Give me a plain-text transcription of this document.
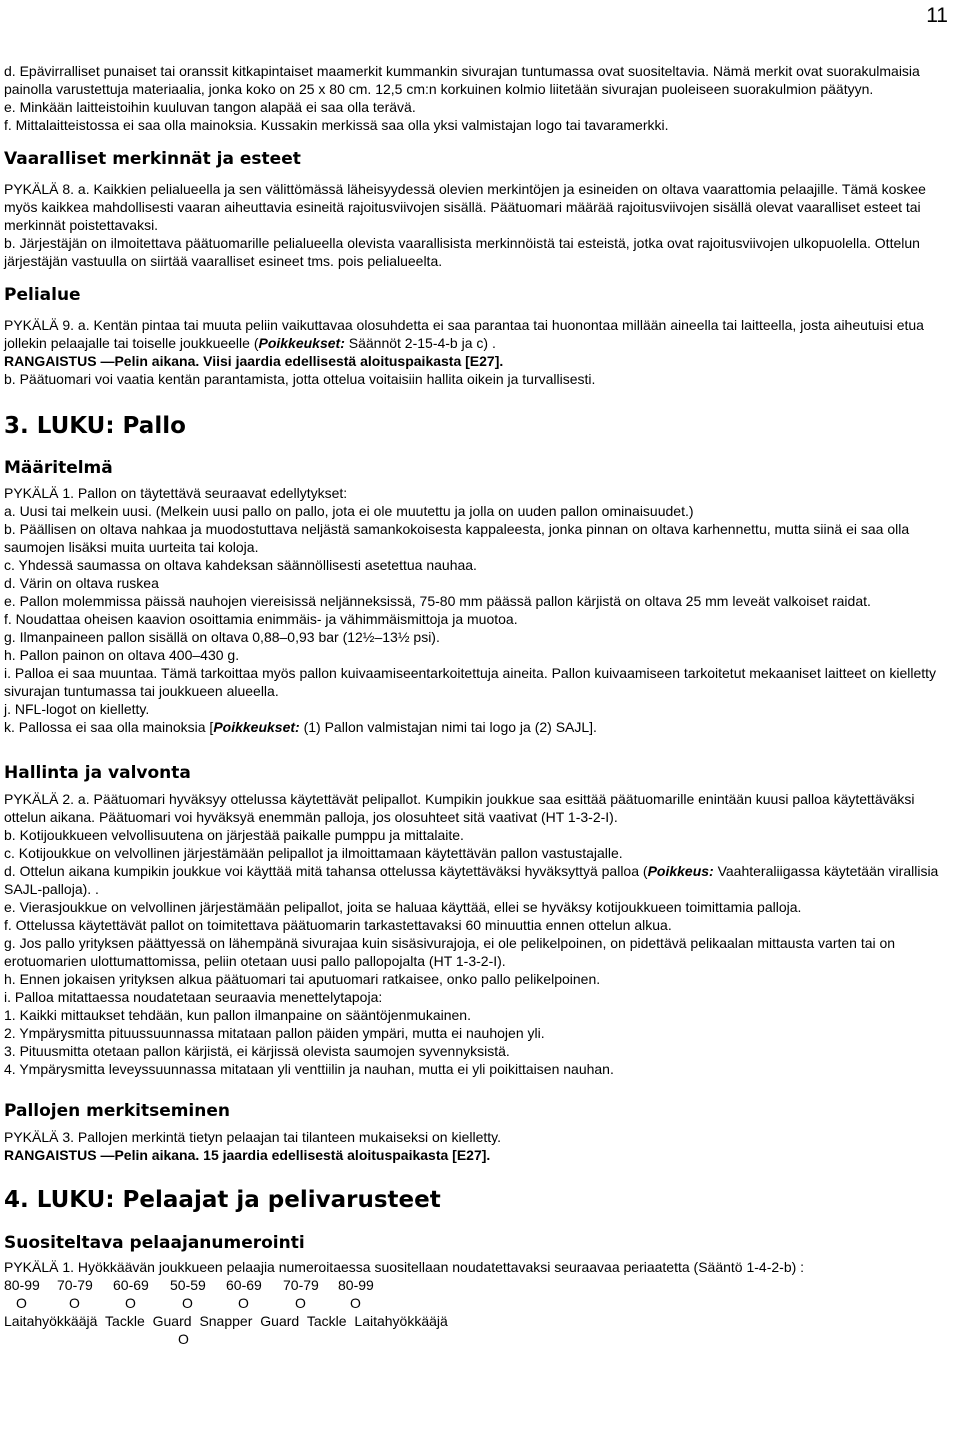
11

d. Epävirralliset punaiset tai oranssit kitkapintaiset maamerkit kummankin sivurajan tuntumassa ovat suositeltavia. Nämä merkit ovat suorakulmaisia painolla varustettuja materiaalia, jonka koko on 25 x 80 cm. 12,5 cm:n korkuinen kolmio liitetään sivurajan puoleiseen suorakulmion päätyyn.

e. Minkään laitteistoihin kuuluvan tangon alapää ei saa olla terävä.

f. Mittalaitteistossa ei saa olla mainoksia. Kussakin merkissä saa olla yksi valmistajan logo tai tavaramerkki.

Vaaralliset merkinnät ja esteet

PYKÄLÄ 8. a. Kaikkien pelialueella ja sen välittömässä läheisyydessä olevien merkintöjen ja esineiden on oltava vaarattomia pelaajille. Tämä koskee myös kaikkea mahdollisesti vaaran aiheuttavia esineitä rajoitusviivojen sisällä. Päätuomari määrää rajoitusviivojen sisällä olevat vaaralliset esteet tai merkinnät poistettavaksi.

b. Järjestäjän on ilmoitettava päätuomarille pelialueella olevista vaarallisista merkinnöistä tai esteistä, jotka ovat rajoitusviivojen ulkopuolella. Ottelun järjestäjän vastuulla on siirtää vaaralliset esineet tms. pois pelialueelta.

Pelialue

PYKÄLÄ 9. a. Kentän pintaa tai muuta peliin vaikuttavaa olosuhdetta ei saa parantaa tai huonontaa millään aineella tai laitteella, josta aiheutuisi etua jollekin pelaajalle tai toiselle joukkueelle (Poikkeukset: Säännöt 2-15-4-b ja c) .

RANGAISTUS —Pelin aikana. Viisi jaardia edellisestä aloituspaikasta [E27].

b. Päätuomari voi vaatia kentän parantamista, jotta ottelua voitaisiin hallita oikein ja turvallisesti.

3. LUKU: Pallo
Määritelmä

PYKÄLÄ 1. Pallon on täytettävä seuraavat edellytykset:

a. Uusi tai melkein uusi. (Melkein uusi pallo on pallo, jota ei ole muutettu ja jolla on uuden pallon ominaisuudet.)

b. Päällisen on oltava nahkaa ja muodostuttava neljästä samankokoisesta kappaleesta, jonka pinnan on oltava karhennettu, mutta siinä ei saa olla saumojen lisäksi muita uurteita tai koloja.

c. Yhdessä saumassa on oltava kahdeksan säännöllisesti asetettua nauhaa.

d. Värin on oltava ruskea

e. Pallon molemmissa päissä nauhojen viereisissä neljänneksissä, 75-80 mm päässä pallon kärjistä on oltava 25 mm leveät valkoiset raidat.

f. Noudattaa oheisen kaavion osoittamia enimmäis- ja vähimmäismittoja ja muotoa.

g. Ilmanpaineen pallon sisällä on oltava 0,88–0,93 bar (12½–13½ psi).

h. Pallon painon on oltava 400–430 g.

i. Palloa ei saa muuntaa. Tämä tarkoittaa myös pallon kuivaamiseentarkoitettuja aineita. Pallon kuivaamiseen tarkoitetut mekaaniset laitteet on kielletty sivurajan tuntumassa tai joukkueen alueella.

j. NFL-logot on kielletty.

k. Pallossa ei saa olla mainoksia [Poikkeukset: (1) Pallon valmistajan nimi tai logo ja (2) SAJL].

Hallinta ja valvonta

PYKÄLÄ 2. a. Päätuomari hyväksyy ottelussa käytettävät pelipallot. Kumpikin joukkue saa esittää päätuomarille enintään kuusi palloa käytettäväksi ottelun aikana. Päätuomari voi hyväksyä enemmän palloja, jos olosuhteet sitä vaativat (HT 1-3-2-I).

b. Kotijoukkueen velvollisuutena on järjestää paikalle pumppu ja mittalaite.

c. Kotijoukkue on velvollinen järjestämään pelipallot ja ilmoittamaan käytettävän pallon vastustajalle.

d. Ottelun aikana kumpikin joukkue voi käyttää mitä tahansa ottelussa käytettäväksi hyväksyttyä palloa (Poikkeus: Vaahteraliigassa käytetään virallisia SAJL-palloja). .

e. Vierasjoukkue on velvollinen järjestämään pelipallot, joita se haluaa käyttää, ellei se hyväksy kotijoukkueen toimittamia palloja.

f. Ottelussa käytettävät pallot on toimitettava päätuomarin tarkastettavaksi 60 minuuttia ennen ottelun alkua.

g. Jos pallo yrityksen päättyessä on lähempänä sivurajaa kuin sisäsivurajoja, ei ole pelikelpoinen, on pidettävä pelikaalan mittausta varten tai on erotuomarien ulottumattomissa, peliin otetaan uusi pallo pallopojalta (HT 1-3-2-I).

h. Ennen jokaisen yrityksen alkua päätuomari tai aputuomari ratkaisee, onko pallo pelikelpoinen.

i. Palloa mitattaessa noudatetaan seuraavia menettelytapoja:

1. Kaikki mittaukset tehdään, kun pallon ilmanpaine on sääntöjenmukainen.

2. Ympärysmitta pituussuunnassa mitataan pallon päiden ympäri, mutta ei nauhojen yli.

3. Pituusmitta otetaan pallon kärjistä, ei kärjissä olevista saumojen syvennyksistä.

4. Ympärysmitta leveyssuunnassa mitataan yli venttiilin ja nauhan, mutta ei yli poikittaisen nauhan.

Pallojen merkitseminen

PYKÄLÄ 3. Pallojen merkintä tietyn pelaajan tai tilanteen mukaiseksi on kielletty.

RANGAISTUS —Pelin aikana. 15 jaardia edellisestä aloituspaikasta [E27].

4. LUKU: Pelaajat ja pelivarusteet
Suositeltava pelaajanumerointi

PYKÄLÄ 1. Hyökkäävän joukkueen pelaajia numeroitaessa suositellaan noudatettavaksi seuraavaa periaatetta (Sääntö 1-4-2-b) :

80-99	70-79	60-69	50-59	60-69	70-79	80-99
O	O	O	O	O	O	O

Laitahyökkääjä Tackle Guard Snapper Guard Tackle Laitahyökkääjä

O
